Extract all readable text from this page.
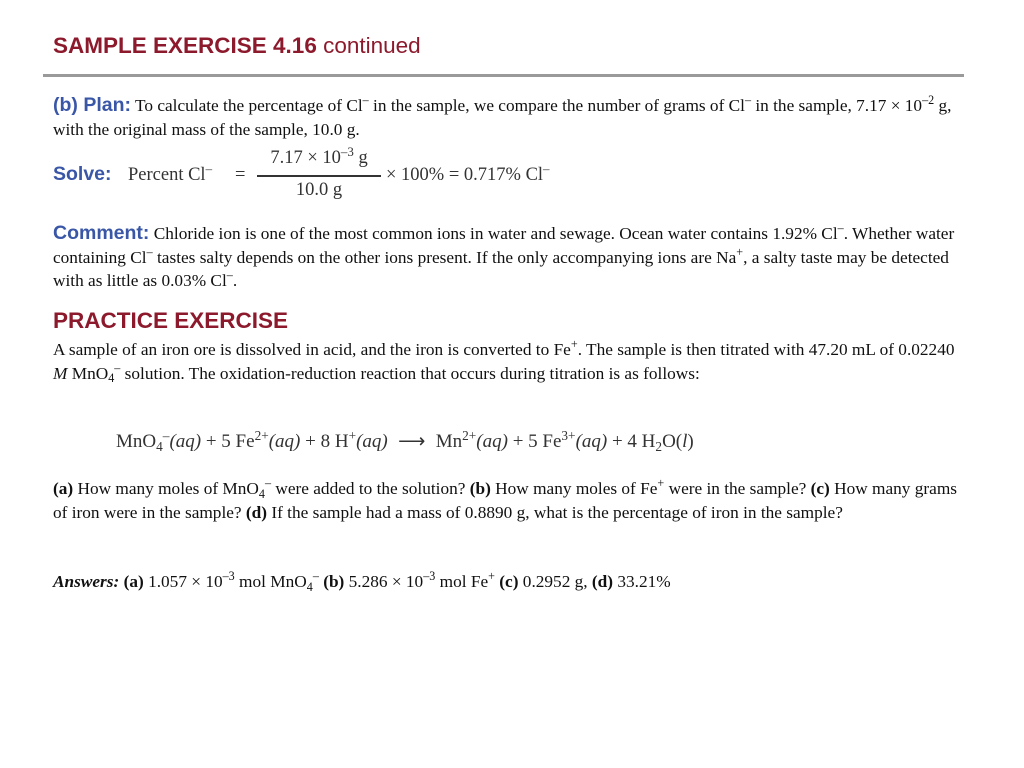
SAMPLE EXERCISE 4.16 continued
(b) Plan: To calculate the percentage of Cl– in the sample, we compare the number of grams of Cl– in the sample, $7.17 \times 10^{-2}$ g, with the original mass of the sample, 10.0 g.
Solve: Percent Cl– =
$7.17 \times 10^{-3}$ g
10.0 g
× 100% = 0.717% Cl–
Comment: Chloride ion is one of the most common ions in water and sewage. Ocean water contains 1.92% Cl–. Whether water containing Cl– tastes salty depends on the other ions present. If the only accompanying ions are Na+, a salty taste may be detected with as little as 0.03% Cl–.
PRACTICE EXERCISE
A sample of an iron ore is dissolved in acid, and the iron is converted to Fe+. The sample is then titrated with 47.20 mL of 0.02240 M MnO$_4$– solution. The oxidation-reduction reaction that occurs during titration is as follows:
MnO$_4$–(aq) + 5 $Fe^{2+}(aq) + 8$ H+(aq) ⟶ $Mn^{2+}(aq) + 5$ $Fe^{3+}(aq) + 4$ $H_2O(l)$
(a) How many moles of MnO$_4$– were added to the solution? (b) How many moles of Fe+ were in the sample? (c) How many grams of iron were in the sample? (d) If the sample had a mass of 0.8890 g, what is the percentage of iron in the sample?
Answers: (a) $1.057 \times 10^{-3}$ mol MnO$_4$– (b) $5.286 \times 10^{-3}$ mol Fe+ (c) 0.2952 g, (d) 33.21%
